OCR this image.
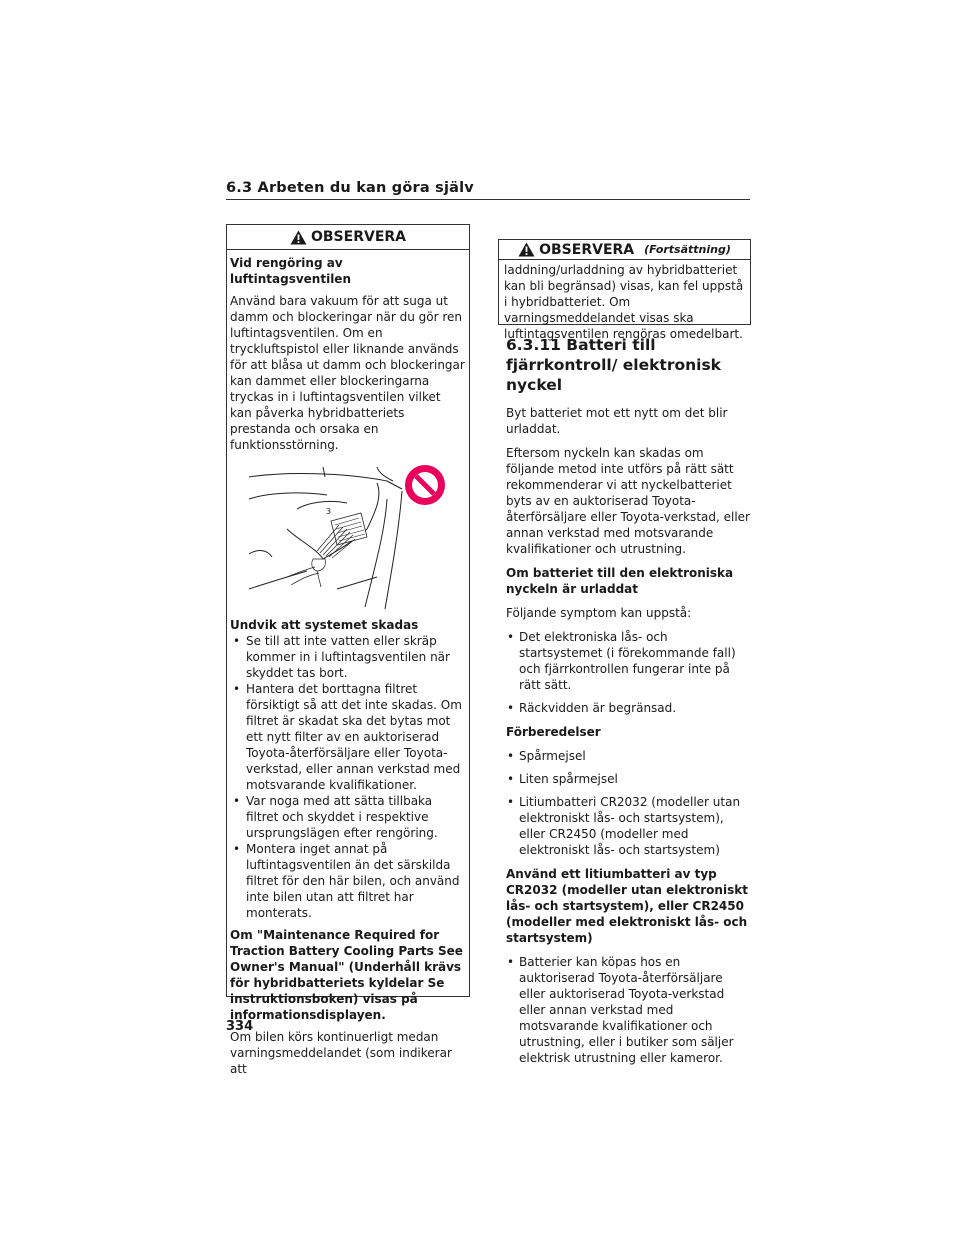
6.3 Arbeten du kan göra själv
OBSERVERA

Vid rengöring av luftintagsventilen

Använd bara vakuum för att suga ut damm och blockeringar när du gör ren luftintagsventilen. Om en tryckluftspistol eller liknande används för att blåsa ut damm och blockeringar kan dammet eller blockeringarna tryckas in i luftintagsventilen vilket kan påverka hybridbatteriets prestanda och orsaka en funktionsstörning.

3

Undvik att systemet skadas

• Se till att inte vatten eller skräp kommer in i luftintagsventilen när skyddet tas bort.
• Hantera det borttagna filtret försiktigt så att det inte skadas. Om filtret är skadat ska det bytas mot ett nytt filter av en auktoriserad Toyota-återförsäljare eller Toyota-verkstad, eller annan verkstad med motsvarande kvalifikationer.
• Var noga med att sätta tillbaka filtret och skyddet i respektive ursprungslägen efter rengöring.
• Montera inget annat på luftintagsventilen än det särskilda filtret för den här bilen, och använd inte bilen utan att filtret har monterats.

Om "Maintenance Required for Traction Battery Cooling Parts See Owner's Manual" (Underhåll krävs för hybridbatteriets kyldelar Se instruktionsboken) visas på informationsdisplayen.

Om bilen körs kontinuerligt medan varningsmeddelandet (som indikerar att

OBSERVERA (Fortsättning)
laddning/urladdning av hybridbatteriet kan bli begränsad) visas, kan fel uppstå i hybridbatteriet. Om varningsmeddelandet visas ska luftintagsventilen rengöras omedelbart.
6.3.11 Batteri till fjärrkontroll/ elektronisk nyckel

Byt batteriet mot ett nytt om det blir urladdat.

Eftersom nyckeln kan skadas om följande metod inte utförs på rätt sätt rekommenderar vi att nyckelbatteriet byts av en auktoriserad Toyota-återförsäljare eller Toyota-verkstad, eller annan verkstad med motsvarande kvalifikationer och utrustning.

Om batteriet till den elektroniska nyckeln är urladdat

Följande symptom kan uppstå:

• Det elektroniska lås- och startsystemet (i förekommande fall) och fjärrkontrollen fungerar inte på rätt sätt.
• Räckvidden är begränsad.

Förberedelser

• Spårmejsel
• Liten spårmejsel
• Litiumbatteri CR2032 (modeller utan elektroniskt lås- och startsystem), eller CR2450 (modeller med elektroniskt lås- och startsystem)

Använd ett litiumbatteri av typ CR2032 (modeller utan elektroniskt lås- och startsystem), eller CR2450 (modeller med elektroniskt lås- och startsystem)

• Batterier kan köpas hos en auktoriserad Toyota-återförsäljare eller auktoriserad Toyota-verkstad eller annan verkstad med motsvarande kvalifikationer och utrustning, eller i butiker som säljer elektrisk utrustning eller kameror.
334
